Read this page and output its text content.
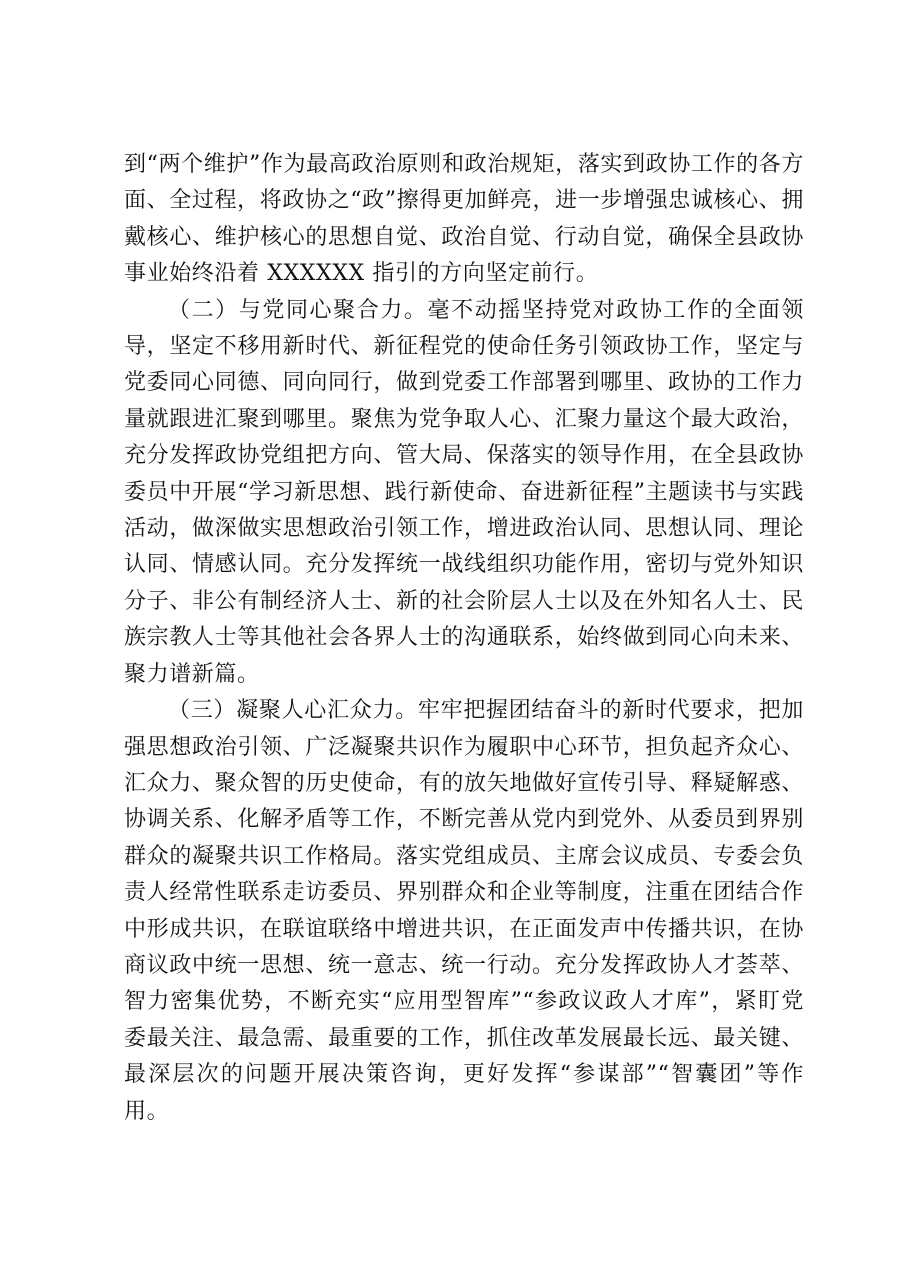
到“两个维护”作为最高政治原则和政治规矩，落实到政协工作的各方面、全过程，将政协之“政”擦得更加鲜亮，进一步增强忠诚核心、拥戴核心、维护核心的思想自觉、政治自觉、行动自觉，确保全县政协事业始终沿着 XXXXXX 指引的方向坚定前行。

（二）与党同心聚合力。毫不动摇坚持党对政协工作的全面领导，坚定不移用新时代、新征程党的使命任务引领政协工作，坚定与党委同心同德、同向同行，做到党委工作部署到哪里、政协的工作力量就跟进汇聚到哪里。聚焦为党争取人心、汇聚力量这个最大政治，充分发挥政协党组把方向、管大局、保落实的领导作用，在全县政协委员中开展“学习新思想、践行新使命、奋进新征程”主题读书与实践活动，做深做实思想政治引领工作，增进政治认同、思想认同、理论认同、情感认同。充分发挥统一战线组织功能作用，密切与党外知识分子、非公有制经济人士、新的社会阶层人士以及在外知名人士、民族宗教人士等其他社会各界人士的沟通联系，始终做到同心向未来、聚力谱新篇。

（三）凝聚人心汇众力。牢牢把握团结奋斗的新时代要求，把加强思想政治引领、广泛凝聚共识作为履职中心环节，担负起齐众心、汇众力、聚众智的历史使命，有的放矢地做好宣传引导、释疑解惑、协调关系、化解矛盾等工作，不断完善从党内到党外、从委员到界别群众的凝聚共识工作格局。落实党组成员、主席会议成员、专委会负责人经常性联系走访委员、界别群众和企业等制度，注重在团结合作中形成共识，在联谊联络中增进共识，在正面发声中传播共识，在协商议政中统一思想、统一意志、统一行动。充分发挥政协人才荟萃、智力密集优势，不断充实“应用型智库”“参政议政人才库”，紧盯党委最关注、最急需、最重要的工作，抓住改革发展最长远、最关键、最深层次的问题开展决策咨询，更好发挥“参谋部”“智囊团”等作用。
